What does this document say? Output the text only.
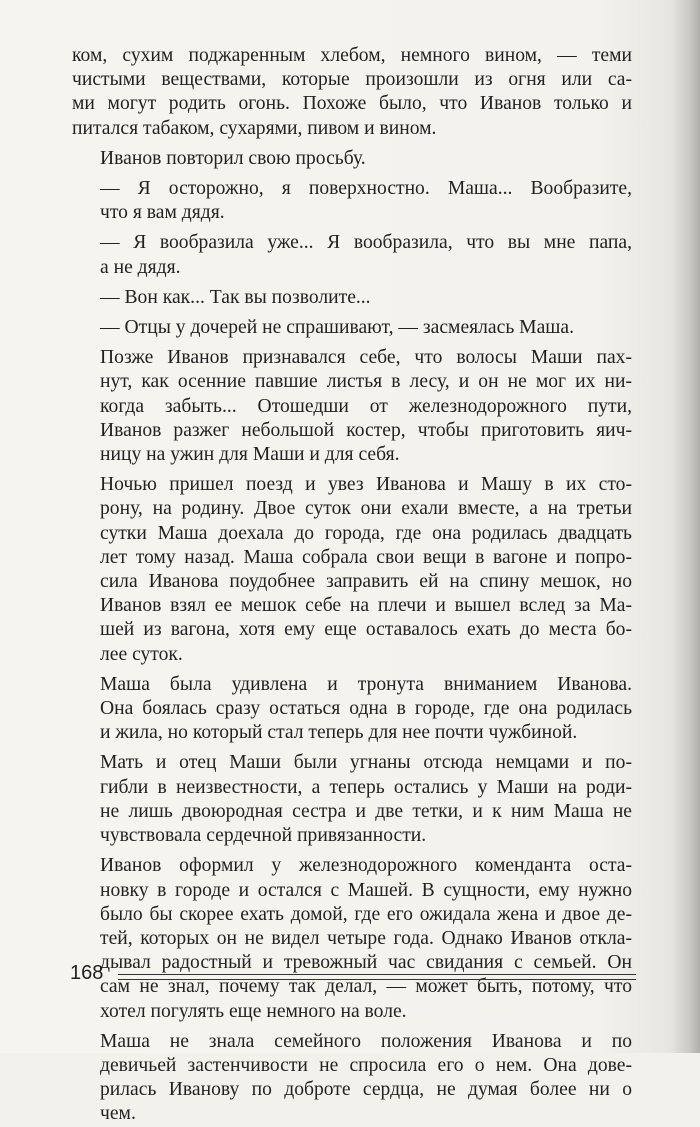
ком, сухим поджаренным хлебом, немного вином, — теми
чистыми веществами, которые произошли из огня или са-
ми могут родить огонь. Похоже было, что Иванов только и
питался табаком, сухарями, пивом и вином.

Иванов повторил свою просьбу.

— Я осторожно, я поверхностно. Маша... Вообразите,
что я вам дядя.

— Я вообразила уже... Я вообразила, что вы мне папа,
а не дядя.

— Вон как... Так вы позволите...

— Отцы у дочерей не спрашивают, — засмеялась Маша.

Позже Иванов признавался себе, что волосы Маши пах-
нут, как осенние павшие листья в лесу, и он не мог их ни-
когда забыть... Отошедши от железнодорожного пути,
Иванов разжег небольшой костер, чтобы приготовить яич-
ницу на ужин для Маши и для себя.

Ночью пришел поезд и увез Иванова и Машу в их сто-
рону, на родину. Двое суток они ехали вместе, а на третьи
сутки Маша доехала до города, где она родилась двадцать
лет тому назад. Маша собрала свои вещи в вагоне и попро-
сила Иванова поудобнее заправить ей на спину мешок, но
Иванов взял ее мешок себе на плечи и вышел вслед за Ма-
шей из вагона, хотя ему еще оставалось ехать до места бо-
лее суток.

Маша была удивлена и тронута вниманием Иванова.
Она боялась сразу остаться одна в городе, где она родилась
и жила, но который стал теперь для нее почти чужбиной.

Мать и отец Маши были угнаны отсюда немцами и по-
гибли в неизвестности, а теперь остались у Маши на роди-
не лишь двоюродная сестра и две тетки, и к ним Маша не
чувствовала сердечной привязанности.

Иванов оформил у железнодорожного коменданта оста-
новку в городе и остался с Машей. В сущности, ему нужно
было бы скорее ехать домой, где его ожидала жена и двое де-
тей, которых он не видел четыре года. Однако Иванов откла-
дывал радостный и тревожный час свидания с семьей. Он
сам не знал, почему так делал, — может быть, потому, что
хотел погулять еще немного на воле.

Маша не знала семейного положения Иванова и по
девичьей застенчивости не спросила его о нем. Она дове-
рилась Иванову по доброте сердца, не думая более ни о
чем.

168
